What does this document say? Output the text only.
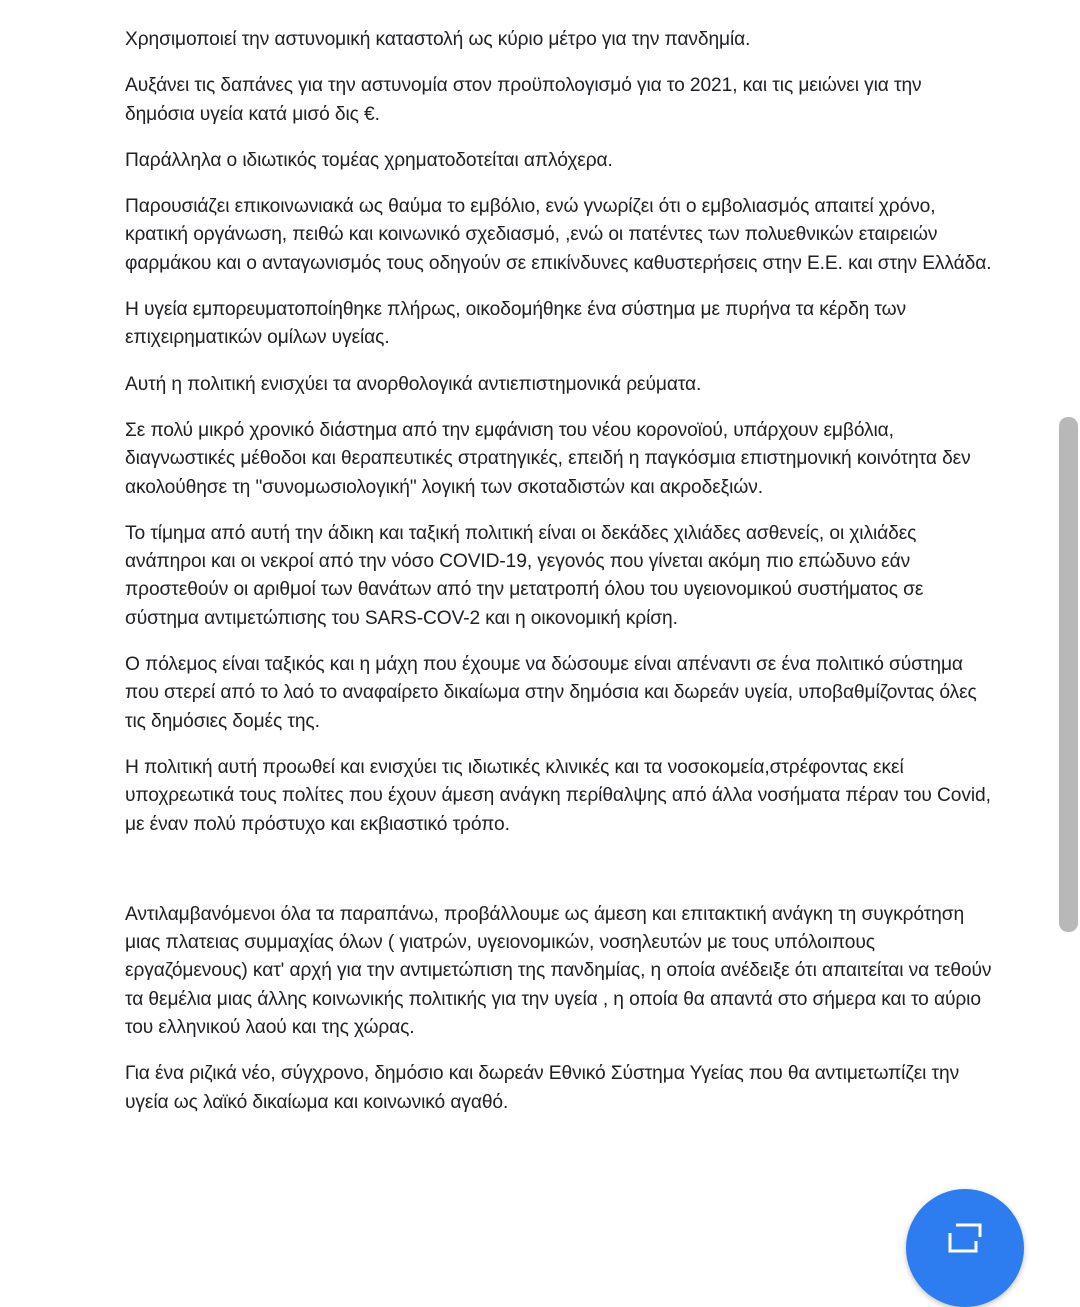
Χρησιμοποιεί την αστυνομική καταστολή ως κύριο μέτρο για την πανδημία.

Αυξάνει τις δαπάνες για την αστυνομία στον προϋπολογισμό για το 2021, και τις μειώνει για την δημόσια υγεία κατά μισό δις €.

Παράλληλα ο ιδιωτικός τομέας χρηματοδοτείται απλόχερα.

Παρουσιάζει επικοινωνιακά ως θαύμα το εμβόλιο, ενώ γνωρίζει ότι ο εμβολιασμός απαιτεί χρόνο, κρατική οργάνωση, πειθώ και κοινωνικό σχεδιασμό, ,ενώ οι πατέντες των πολυεθνικών εταιρειών φαρμάκου και ο ανταγωνισμός τους οδηγούν σε επικίνδυνες καθυστερήσεις στην Ε.Ε. και στην Ελλάδα.

Η υγεία εμπορευματοποίηθηκε πλήρως, οικοδομήθηκε ένα σύστημα με πυρήνα τα κέρδη των επιχειρηματικών ομίλων υγείας.

Αυτή η πολιτική ενισχύει τα ανορθολογικά αντιεπιστημονικά ρεύματα.

Σε πολύ μικρό χρονικό διάστημα από την εμφάνιση του νέου κορονοϊού, υπάρχουν εμβόλια, διαγνωστικές μέθοδοι και θεραπευτικές στρατηγικές, επειδή η παγκόσμια επιστημονική κοινότητα δεν ακολούθησε τη "συνομωσιολογική" λογική των σκοταδιστών και ακροδεξιών.

Το τίμημα από αυτή την άδικη και ταξική πολιτική είναι οι δεκάδες χιλιάδες ασθενείς, οι χιλιάδες ανάπηροι και οι νεκροί από την νόσο COVID-19, γεγονός που γίνεται ακόμη πιο επώδυνο εάν προστεθούν οι αριθμοί των θανάτων από την μετατροπή όλου του υγειονομικού συστήματος σε σύστημα αντιμετώπισης του SARS-COV-2 και η οικονομική κρίση.

Ο πόλεμος είναι ταξικός και η μάχη που έχουμε να δώσουμε είναι απέναντι σε ένα πολιτικό σύστημα που στερεί από το λαό το αναφαίρετο δικαίωμα στην δημόσια και δωρεάν υγεία, υποβαθμίζοντας όλες τις δημόσιες δομές της.

Η πολιτική αυτή προωθεί και ενισχύει τις ιδιωτικές κλινικές και τα νοσοκομεία,στρέφοντας εκεί υποχρεωτικά τους πολίτες που έχουν άμεση ανάγκη περίθαλψης από άλλα νοσήματα πέραν του Covid, με έναν πολύ πρόστυχο και εκβιαστικό τρόπο.

Αντιλαμβανόμενοι όλα τα παραπάνω, προβάλλουμε ως άμεση και επιτακτική ανάγκη τη συγκρότηση μιας πλατειας συμμαχίας όλων ( γιατρών, υγειονομικών, νοσηλευτών με τους υπόλοιπους εργαζόμενους) κατ' αρχή για την αντιμετώπιση της πανδημίας, η οποία ανέδειξε ότι απαιτείται να τεθούν τα θεμέλια μιας άλλης κοινωνικής πολιτικής για την υγεία , η οποία θα απαντά στο σήμερα και το αύριο του ελληνικού λαού και της χώρας.

Για ένα ριζικά νέο, σύγχρονο, δημόσιο και δωρεάν Εθνικό Σύστημα Υγείας που θα αντιμετωπίζει την υγεία ως λαϊκό δικαίωμα και κοινωνικό αγαθό.
